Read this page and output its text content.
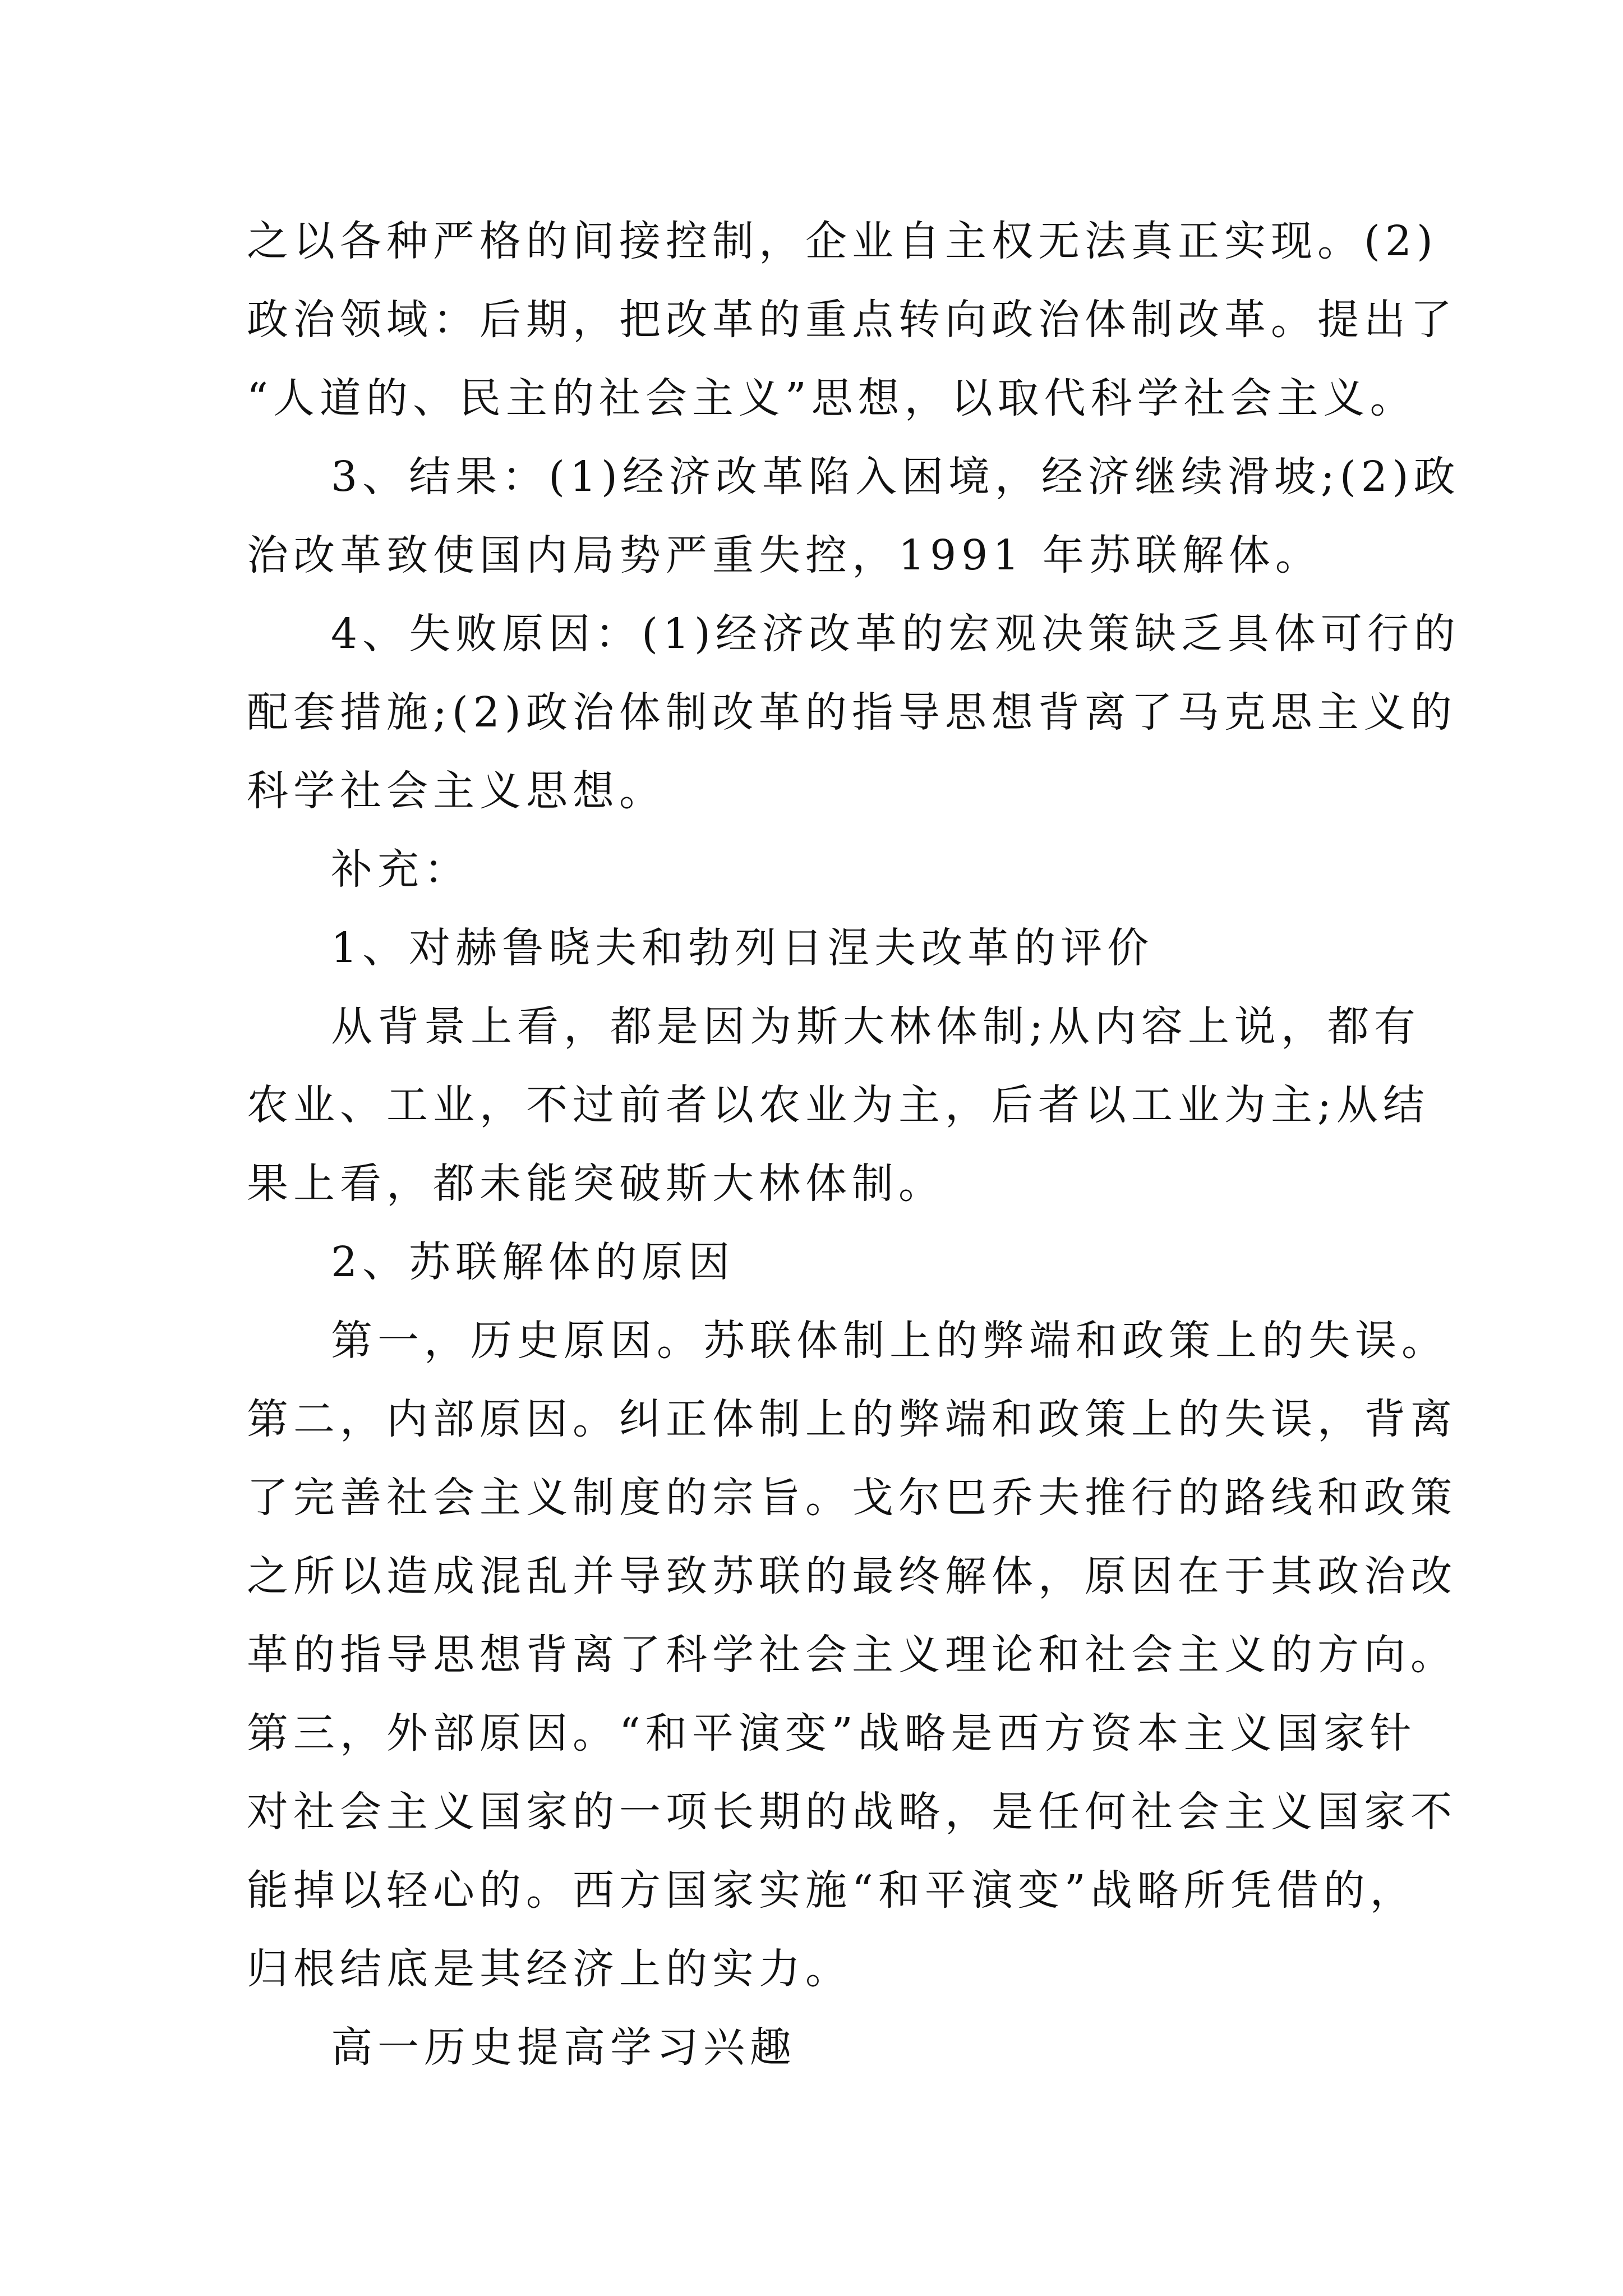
之以各种严格的间接控制，企业自主权无法真正实现。(2)
政治领域：后期，把改革的重点转向政治体制改革。提出了
“人道的、民主的社会主义”思想，以取代科学社会主义。
3、结果：(1)经济改革陷入困境，经济继续滑坡;(2)政
治改革致使国内局势严重失控，1991 年苏联解体。
4、失败原因：(1)经济改革的宏观决策缺乏具体可行的
配套措施;(2)政治体制改革的指导思想背离了马克思主义的
科学社会主义思想。
补充：
1、对赫鲁晓夫和勃列日涅夫改革的评价
从背景上看，都是因为斯大林体制;从内容上说，都有
农业、工业，不过前者以农业为主，后者以工业为主;从结
果上看，都未能突破斯大林体制。
2、苏联解体的原因
第一，历史原因。苏联体制上的弊端和政策上的失误。
第二，内部原因。纠正体制上的弊端和政策上的失误，背离
了完善社会主义制度的宗旨。戈尔巴乔夫推行的路线和政策
之所以造成混乱并导致苏联的最终解体，原因在于其政治改
革的指导思想背离了科学社会主义理论和社会主义的方向。
第三，外部原因。“和平演变”战略是西方资本主义国家针
对社会主义国家的一项长期的战略，是任何社会主义国家不
能掉以轻心的。西方国家实施“和平演变”战略所凭借的，
归根结底是其经济上的实力。
高一历史提高学习兴趣
